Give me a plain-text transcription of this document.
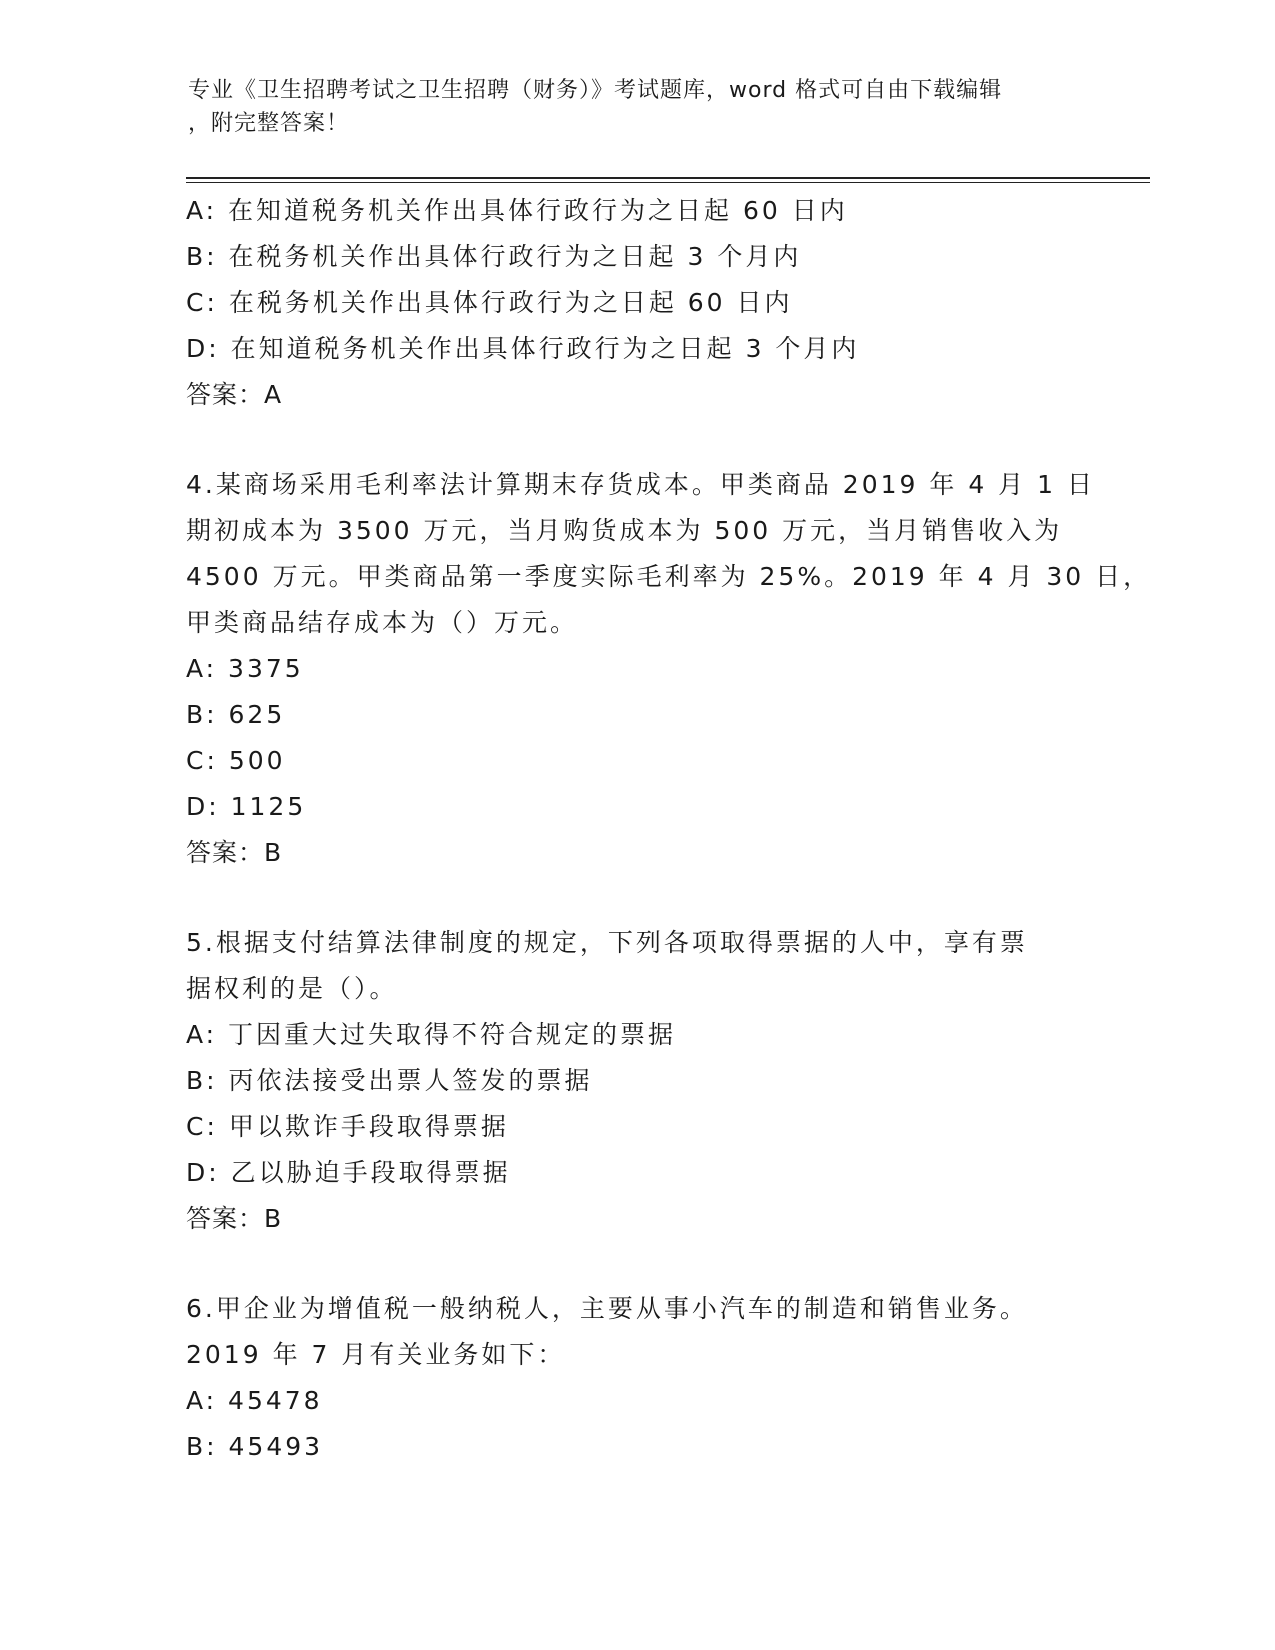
专业《卫生招聘考试之卫生招聘（财务）》考试题库，word 格式可自由下载编辑
，附完整答案！
A: 在知道税务机关作出具体行政行为之日起 60 日内
B: 在税务机关作出具体行政行为之日起 3 个月内
C: 在税务机关作出具体行政行为之日起 60 日内
D: 在知道税务机关作出具体行政行为之日起 3 个月内
答案：A
4.某商场采用毛利率法计算期末存货成本。甲类商品 2019 年 4 月 1 日
期初成本为 3500 万元，当月购货成本为 500 万元，当月销售收入为
4500 万元。甲类商品第一季度实际毛利率为 25%。2019 年 4 月 30 日，
甲类商品结存成本为（）万元。
A: 3375
B: 625
C: 500
D: 1125
答案：B
5.根据支付结算法律制度的规定，下列各项取得票据的人中，享有票
据权利的是（）。
A: 丁因重大过失取得不符合规定的票据
B: 丙依法接受出票人签发的票据
C: 甲以欺诈手段取得票据
D: 乙以胁迫手段取得票据
答案：B
6.甲企业为增值税一般纳税人，主要从事小汽车的制造和销售业务。
2019 年 7 月有关业务如下：
A: 45478
B: 45493
